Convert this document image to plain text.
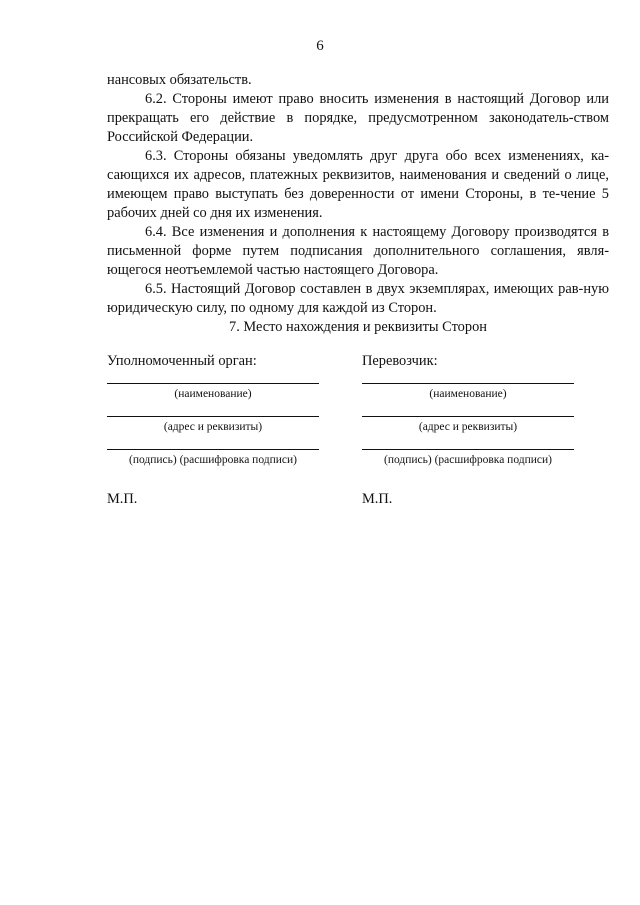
6

нансовых обязательств.

6.2. Стороны имеют право вносить изменения в настоящий Договор или прекращать его действие в порядке, предусмотренном законодатель-ством Российской Федерации.

6.3. Стороны обязаны уведомлять друг друга обо всех изменениях, ка-сающихся их адресов, платежных реквизитов, наименования и сведений о лице, имеющем право выступать без доверенности от имени Стороны, в те-чение 5 рабочих дней со дня их изменения.

6.4. Все изменения и дополнения к настоящему Договору производятся в письменной форме путем подписания дополнительного соглашения, явля-ющегося неотъемлемой частью настоящего Договора.

6.5. Настоящий Договор составлен в двух экземплярах, имеющих рав-ную юридическую силу, по одному для каждой из Сторон.

7. Место нахождения и реквизиты Сторон
Уполномоченный орган:
(наименование)
(адрес и реквизиты)
(подпись) (расшифровка подписи)
М.П.
Перевозчик:
(наименование)
(адрес и реквизиты)
(подпись) (расшифровка подписи)
М.П.
